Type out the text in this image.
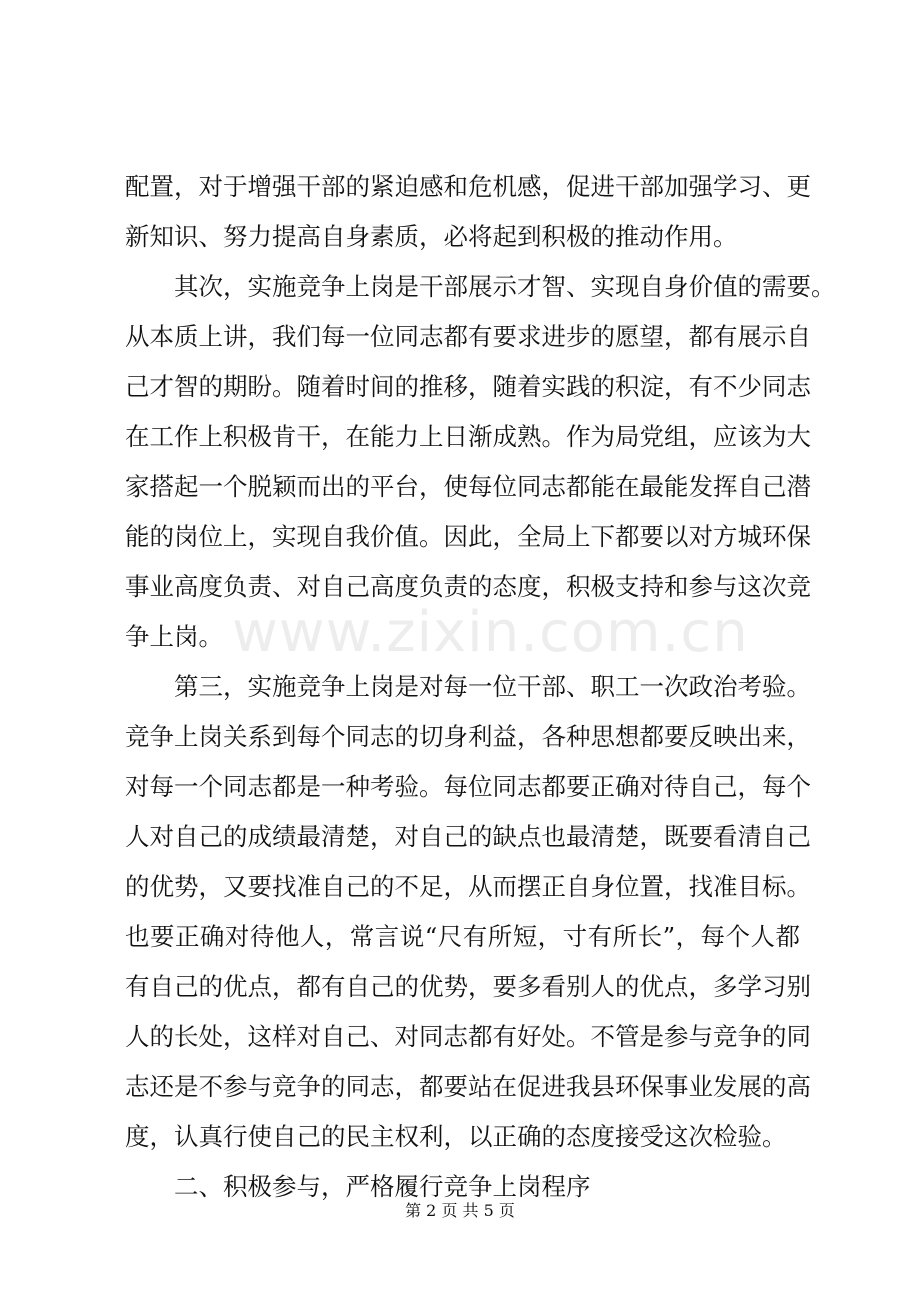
www.zixin.com.cn
配置，对于增强干部的紧迫感和危机感，促进干部加强学习、更
新知识、努力提高自身素质，必将起到积极的推动作用。
其次，实施竞争上岗是干部展示才智、实现自身价值的需要。
从本质上讲，我们每一位同志都有要求进步的愿望，都有展示自
己才智的期盼。随着时间的推移，随着实践的积淀，有不少同志
在工作上积极肯干，在能力上日渐成熟。作为局党组，应该为大
家搭起一个脱颖而出的平台，使每位同志都能在最能发挥自己潜
能的岗位上，实现自我价值。因此，全局上下都要以对方城环保
事业高度负责、对自己高度负责的态度，积极支持和参与这次竞
争上岗。
第三，实施竞争上岗是对每一位干部、职工一次政治考验。
竞争上岗关系到每个同志的切身利益，各种思想都要反映出来，
对每一个同志都是一种考验。每位同志都要正确对待自己，每个
人对自己的成绩最清楚，对自己的缺点也最清楚，既要看清自己
的优势，又要找准自己的不足，从而摆正自身位置，找准目标。
也要正确对待他人，常言说“尺有所短，寸有所长”，每个人都
有自己的优点，都有自己的优势，要多看别人的优点，多学习别
人的长处，这样对自己、对同志都有好处。不管是参与竞争的同
志还是不参与竞争的同志，都要站在促进我县环保事业发展的高
度，认真行使自己的民主权利，以正确的态度接受这次检验。
二、积极参与，严格履行竞争上岗程序
第 2 页 共 5 页
